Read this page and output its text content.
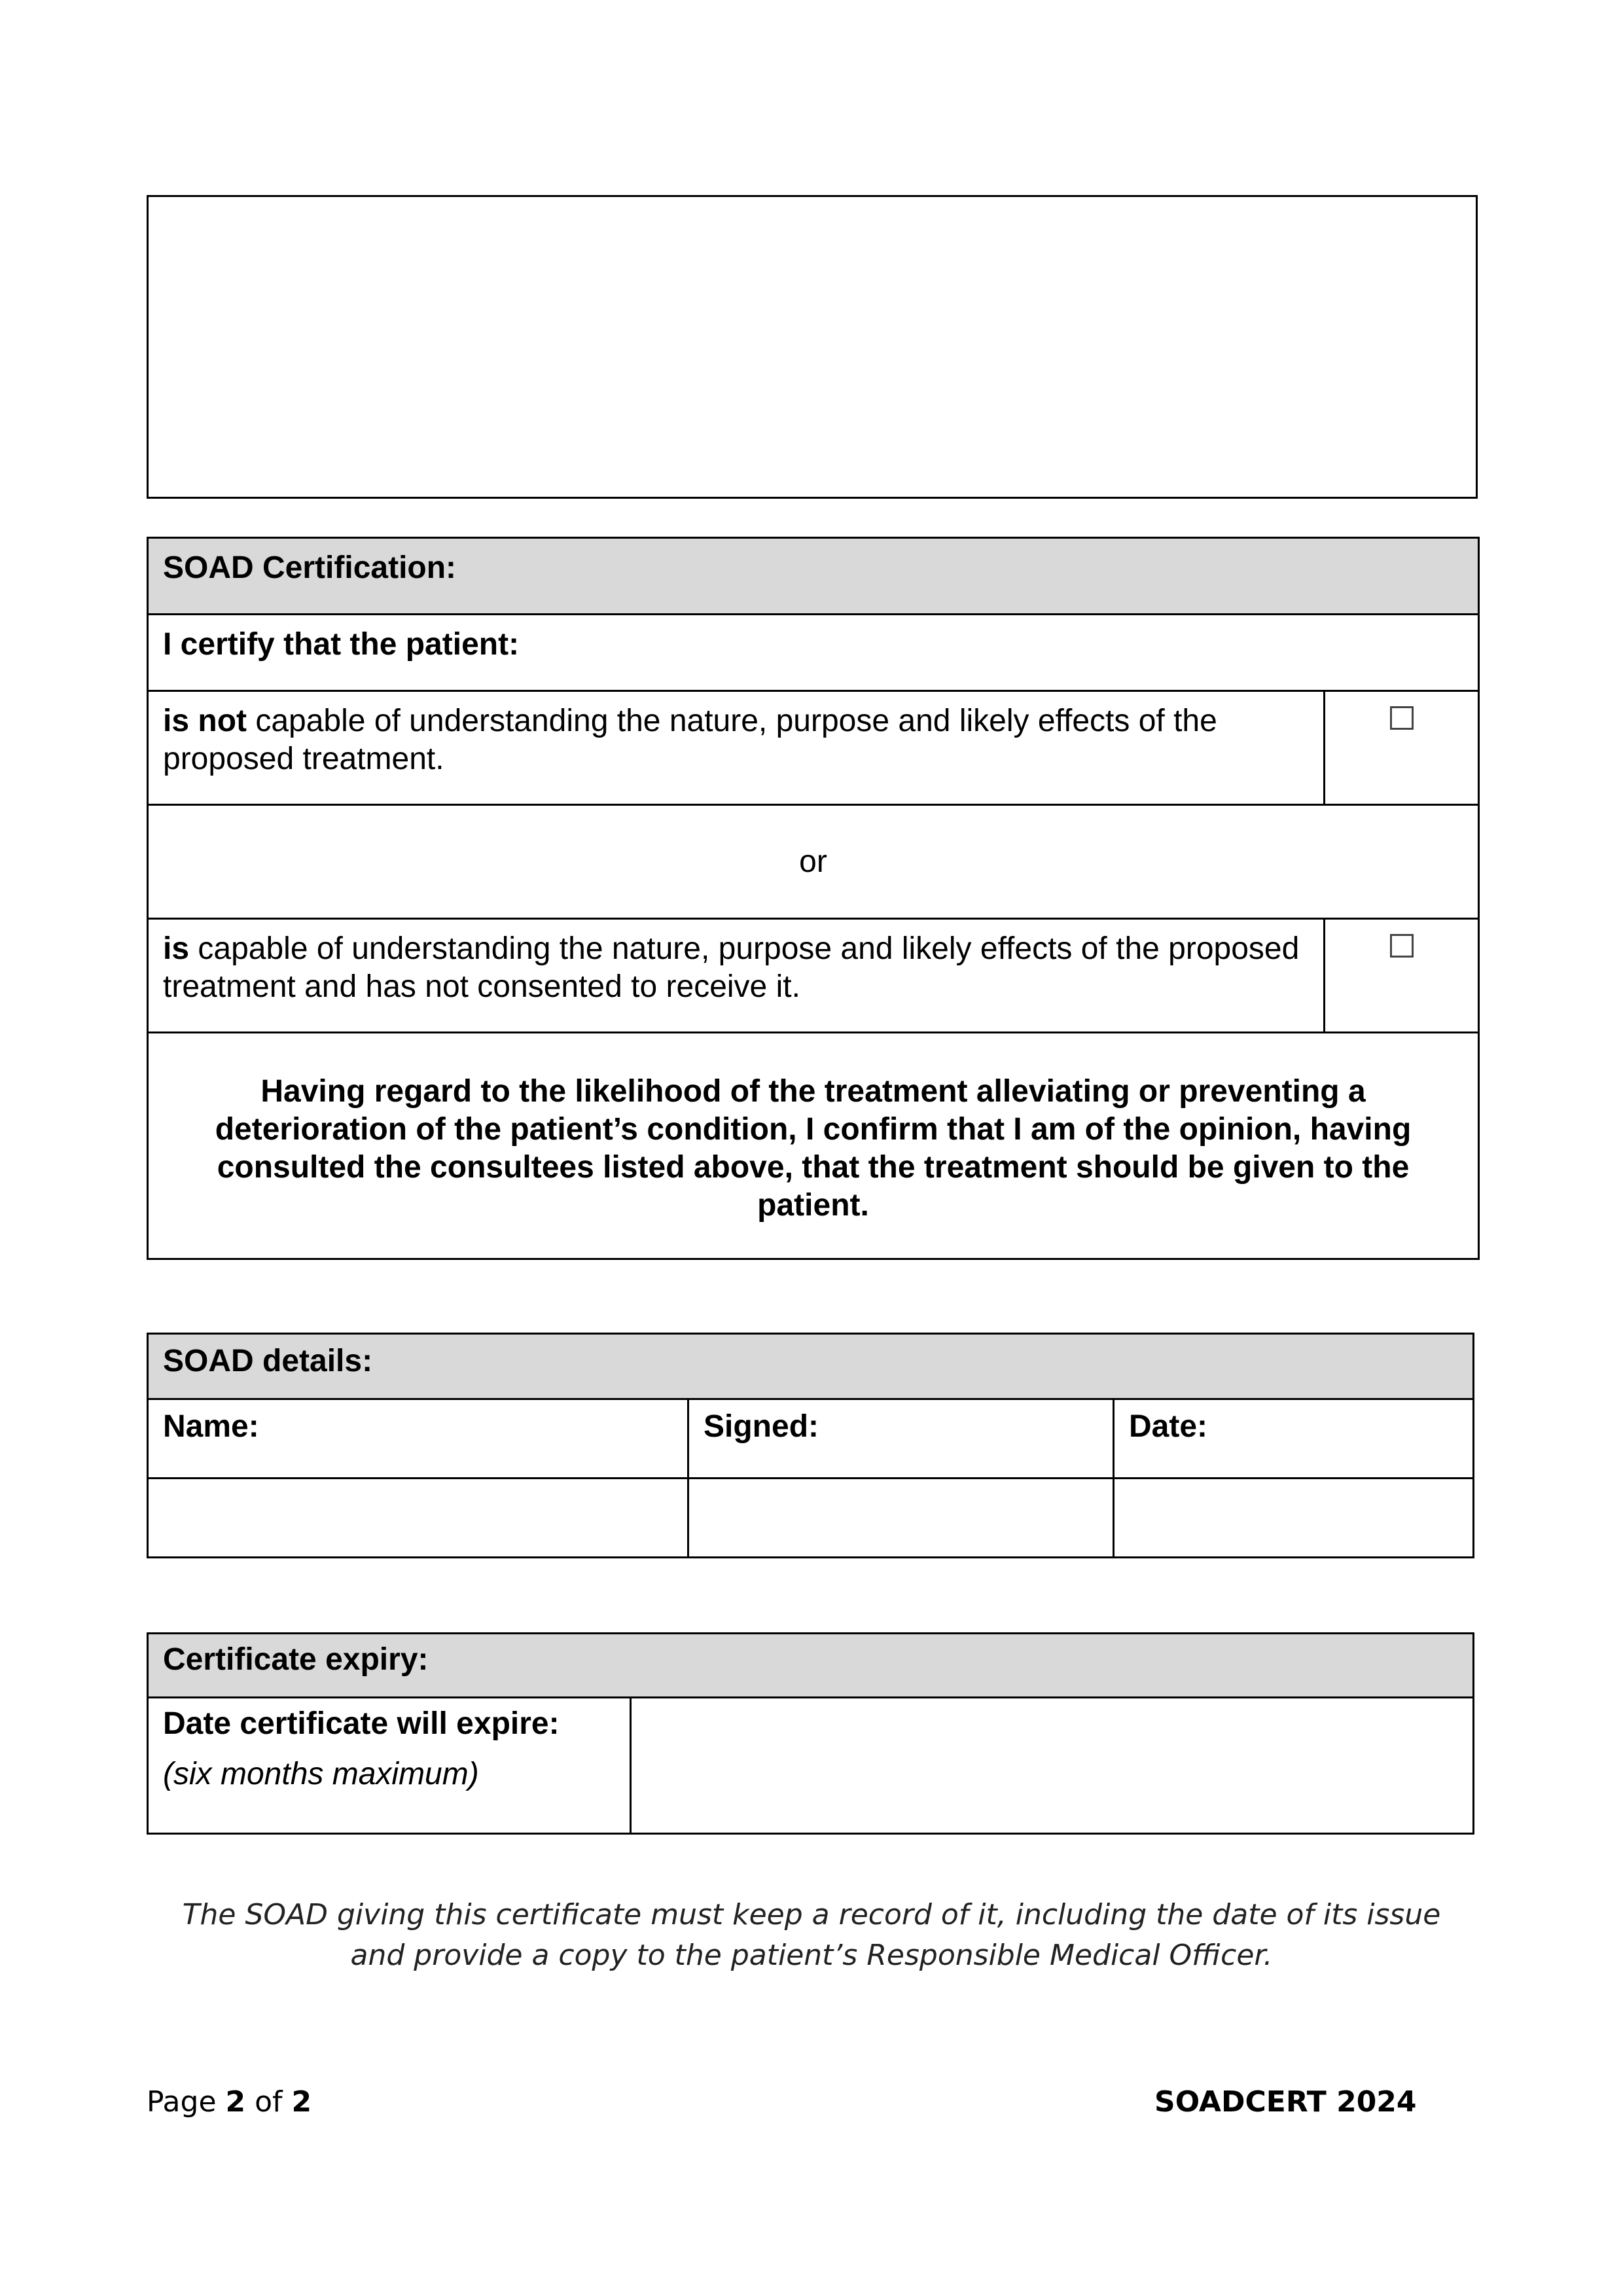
SOAD Certification:	

I certify that the patient:	

is not capable of understanding the nature, purpose and likely effects of the proposed treatment.	

or	

is capable of understanding the nature, purpose and likely effects of the proposed treatment and has not consented to receive it.	

Having regard to the likelihood of the treatment alleviating or preventing a deterioration of the patient’s condition, I confirm that I am of the opinion, having consulted the consultees listed above, that the treatment should be given to the patient.	
SOAD details:		

Name:	Signed:	Date:

Certificate expiry:

Date certificate will expire:
(six months maximum)

The SOAD giving this certificate must keep a record of it, including the date of its issue and provide a copy to the patient’s Responsible Medical Officer.
Page 2 of 2	SOADCERT 2024
